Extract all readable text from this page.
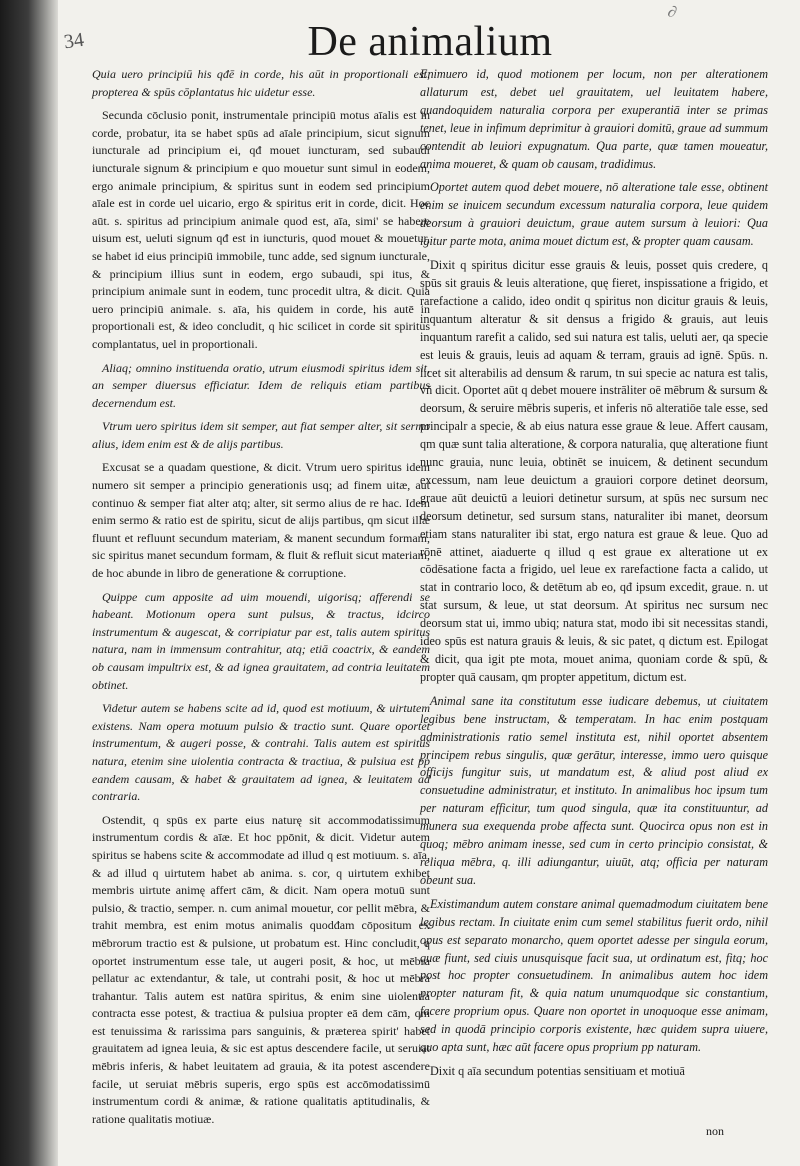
34
∂
De animalium

Quia uero principiū his qđē in corde, his aūt in proportionali est, propterea & spūs cōplantatus hic uidetur esse.

Secunda cōclusio ponit, instrumentale principiū motus aīalis est in corde, probatur, ita se habet spūs ad aīale principium, sicut signum iuncturale ad principium ei, qđ mouet iuncturam, sed subaudi iuncturale signum & principium e quo mouetur sunt simul in eodem, ergo animale principium, & spiritus sunt in eodem sed principium aīale est in corde uel uicario, ergo & spiritus erit in corde, dicit. Hoc aūt. s. spiritus ad principium animale quod est, aīa, simi' se habere uisum est, ueluti signum qđ est in iuncturis, quod mouet & mouetur, se habet id eius principiū immobile, tunc adde, sed signum iuncturale, & principium illius sunt in eodem, ergo subaudi, spi itus, & principium animale sunt in eodem, tunc procedit ultra, & dicit. Quia uero principiū animale. s. aīa, his quidem in corde, his autē in proportionali est, & ideo concludit, q hic scilicet in corde sit spiritus complantatus, uel in proportionali.

Aliaq; omnino instituenda oratio, utrum eiusmodi spiritus idem sit, an semper diuersus efficiatur. Idem de reliquis etiam partibus decernendum est.

Vtrum uero spiritus idem sit semper, aut fiat semper alter, sit sermo alius, idem enim est & de alijs partibus.

Excusat se a quadam questione, & dicit. Vtrum uero spiritus idem numero sit semper a principio generationis usq; ad finem uitæ, aut continuo & semper fiat alter atq; alter, sit sermo alius de re hac. Idem enim sermo & ratio est de spiritu, sicut de alijs partibus, qm sicut illæ fluunt et refluunt secundum materiam, & manent secundum formam, sic spiritus manet secundum formam, & fluit & refluit sicut materiam, de hoc abunde in libro de generatione & corruptione.

Quippe cum apposite ad uim mouendi, uigorisq; afferendi se habeant. Motionum opera sunt pulsus, & tractus, idcirco instrumentum & augescat, & corripiatur par est, talis autem spiritus natura, nam in immensum contrahitur, atq; etiā coactrix, & eandem ob causam impultrix est, & ad ignea grauitatem, ad contria leuitatem obtinet.

Videtur autem se habens scite ad id, quod est motiuum, & uirtutem existens. Nam opera motuum pulsio & tractio sunt. Quare oportet instrumentum, & augeri posse, & contrahi. Talis autem est spiritus natura, etenim sine uiolentia contracta & tractiua, & pulsiua est pp eandem causam, & habet & grauitatem ad ignea, & leuitatem ad contraria.

Ostendit, q spūs ex parte eius naturę sit accommodatissimum instrumentum cordis & aīæ. Et hoc ppōnit, & dicit. Videtur autem spiritus se habens scite & accommodate ad illud q est motiuum. s. aīa, & ad illud q uirtutem habet ab anima. s. cor, q uirtutem exhibet membris uirtute animę affert cām, & dicit. Nam opera motuū sunt pulsio, & tractio, semper. n. cum animal mouetur, cor pellit mēbra, & trahit membra, est enim motus animalis quodđam cōpositum ex mēbrorum tractio est & pulsione, ut probatum est. Hinc concludit, q oportet instrumentum esse tale, ut augeri posit, & hoc, ut mēbra pellatur ac extendantur, & tale, ut contrahi posit, & hoc ut mēbra trahantur. Talis autem est natūra spiritus, & enim sine uiolentia contracta esse potest, & tractiua & pulsiua propter eā dem cām, qm est tenuissima & rarissima pars sanguinis, & præterea spirit' habet grauitatem ad ignea leuia, & sic est aptus descendere facile, ut seruiat mēbris inferis, & habet leuitatem ad grauia, & ita potest ascendere facile, ut seruiat mēbris superis, ergo spūs est accōmodatissimū instrumentum cordi & animæ, & ratione qualitatis aptitudinalis, & ratione qualitatis motiuæ.

Enimuero id, quod motionem per locum, non per alterationem allaturum est, debet uel grauitatem, uel leuitatem habere, quandoquidem naturalia corpora per exuperantiā inter se primas tenet, leue in infimum deprimitur à grauiori domitū, graue ad summum contendit ab leuiori expugnatum. Qua parte, quæ tamen moueatur, anima moueret, & quam ob causam, tradidimus.

Oportet autem quod debet mouere, nō alteratione tale esse, obtinent enim se inuicem secundum excessum naturalia corpora, leue quidem deorsum à grauiori deuictum, graue autem sursum à leuiori: Qua igitur parte mota, anima mouet dictum est, & propter quam causam.

Dixit q spiritus dicitur esse grauis & leuis, posset quis credere, q spūs sit grauis & leuis alteratione, quę fieret, inspissatione a frigido, et rarefactione a calido, ideo ondit q spiritus non dicitur grauis & leuis, inquantum alteratur & sit densus a frigido & grauis, aut leuis inquantum rarefit a calido, sed sui natura est talis, ueluti aer, qa specie est leuis & grauis, leuis ad aquam & terram, grauis ad ignē. Spūs. n. licet sit alterabilis ad densum & rarum, tn sui specie ac natura est talis, vñ dicit. Oportet aūt q debet mouere instrāliter oē mēbrum & sursum & deorsum, & seruire mēbris superis, et inferis nō alteratiōe tale esse, sed principalr a specie, & ab eius natura esse graue & leue. Affert causam, qm quæ sunt talia alteratione, & corpora naturalia, quę alteratione fiunt nunc grauia, nunc leuia, obtinēt se inuicem, & detinent secundum excessum, nam leue deuictum a grauiori corpore detinet deorsum, graue aūt deuictū a leuiori detinetur sursum, at spūs nec sursum nec deorsum detinetur, sed sursum stans, naturaliter ibi manet, deorsum etiam stans naturaliter ibi stat, ergo natura est graue & leue. Quo ad rōnē attinet, aiaduerte q illud q est graue ex alteratione ut ex cōdēsatione facta a frigido, uel leue ex rarefactione facta a calido, ut stat in contrario loco, & detētum ab eo, qđ ipsum excedit, graue. n. ut stat sursum, & leue, ut stat deorsum. At spiritus nec sursum nec deorsum stat ui, immo ubiq; natura stat, modo ibi sit necessitas standi, ideo spūs est natura grauis & leuis, & sic patet, q dictum est. Epilogat & dicit, qua igit pte mota, mouet anima, quoniam corde & spū, & propter quā causam, qm propter appetitum, dictum est.

Animal sane ita constitutum esse iudicare debemus, ut ciuitatem legibus bene instructam, & temperatam. In hac enim postquam administrationis ratio semel instituta est, nihil oportet absentem principem rebus singulis, quæ gerātur, interesse, immo uero quisque officijs fungitur suis, ut mandatum est, & aliud post aliud ex consuetudine administratur, et instituto. In animalibus hoc ipsum tum per naturam efficitur, tum quod singula, quæ ita constituuntur, ad munera sua exequenda probe affecta sunt. Quocirca opus non est in quoq; mēbro animam inesse, sed cum in certo principio consistat, & reliqua mēbra, q. illi adiungantur, uiuūt, atq; officia per naturam obeunt sua.

Existimandum autem constare animal quemadmodum ciuitatem bene legibus rectam. In ciuitate enim cum semel stabilitus fuerit ordo, nihil opus est separato monarcho, quem oportet adesse per singula eorum, quæ fiunt, sed ciuis unusquisque facit sua, ut ordinatum est, fitq; hoc post hoc propter consuetudinem. In animalibus autem hoc idem propter naturam fit, & quia natum unumquodque sic constantium, facere proprium opus. Quare non oportet in unoquoque esse animam, sed in quodā principio corporis existente, hæc quidem supra uiuere, quo apta sunt, hæc aūt facere opus proprium pp naturam.

Dixit q aīa secundum potentias sensitiuam et motiuā

non
